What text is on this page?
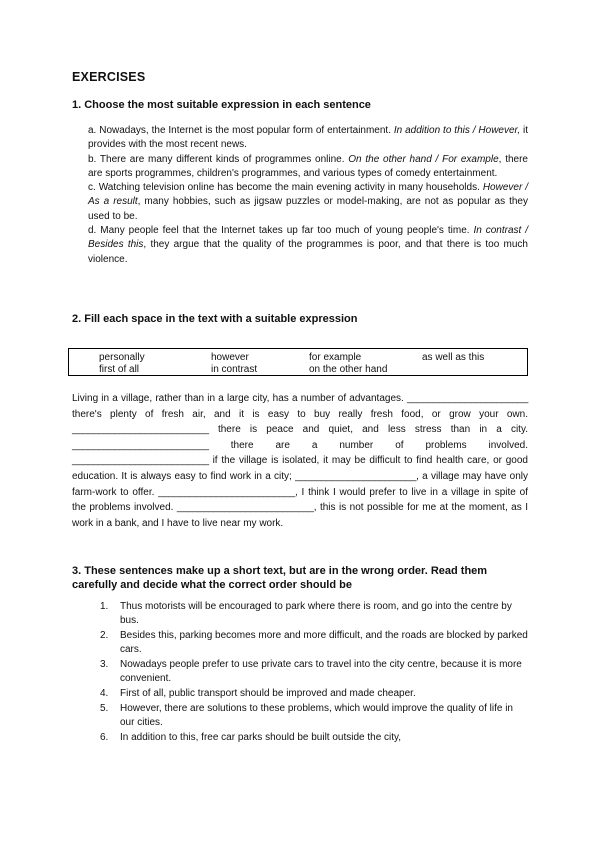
EXERCISES
1. Choose the most suitable expression in each sentence

a. Nowadays, the Internet is the most popular form of entertainment. In addition to this / However, it provides with the most recent news.

b. There are many different kinds of programmes online. On the other hand / For example, there are sports programmes, children's programmes, and various types of comedy entertainment.

c. Watching television online has become the main evening activity in many households. However / As a result, many hobbies, such as jigsaw puzzles or model-making, are not as popular as they used to be.

d. Many people feel that the Internet takes up far too much of young people's time. In contrast / Besides this, they argue that the quality of the programmes is poor, and that there is too much violence.

2. Fill each space in the text with a suitable expression
personally	however	for example	as well as this
first of all	in contrast	on the other hand

Living in a village, rather than in a large city, has a number of advantages. _______________________ there's plenty of fresh air, and it is easy to buy really fresh food, or grow your own. __________________________ there is peace and quiet, and less stress than in a city. __________________________ there are a number of problems involved. __________________________ if the village is isolated, it may be difficult to find health care, or good education. It is always easy to find work in a city; _______________________, a village may have only farm-work to offer. __________________________, I think I would prefer to live in a village in spite of the problems involved. __________________________, this is not possible for me at the moment, as I work in a bank, and I have to live near my work.

3. These sentences make up a short text, but are in the wrong order. Read them carefully and decide what the correct order should be
1. Thus motorists will be encouraged to park where there is room, and go into the centre by bus.
2. Besides this, parking becomes more and more difficult, and the roads are blocked by parked cars.
3. Nowadays people prefer to use private cars to travel into the city centre, because it is more convenient.
4. First of all, public transport should be improved and made cheaper.
5. However, there are solutions to these problems, which would improve the quality of life in our cities.
6. In addition to this, free car parks should be built outside the city,
